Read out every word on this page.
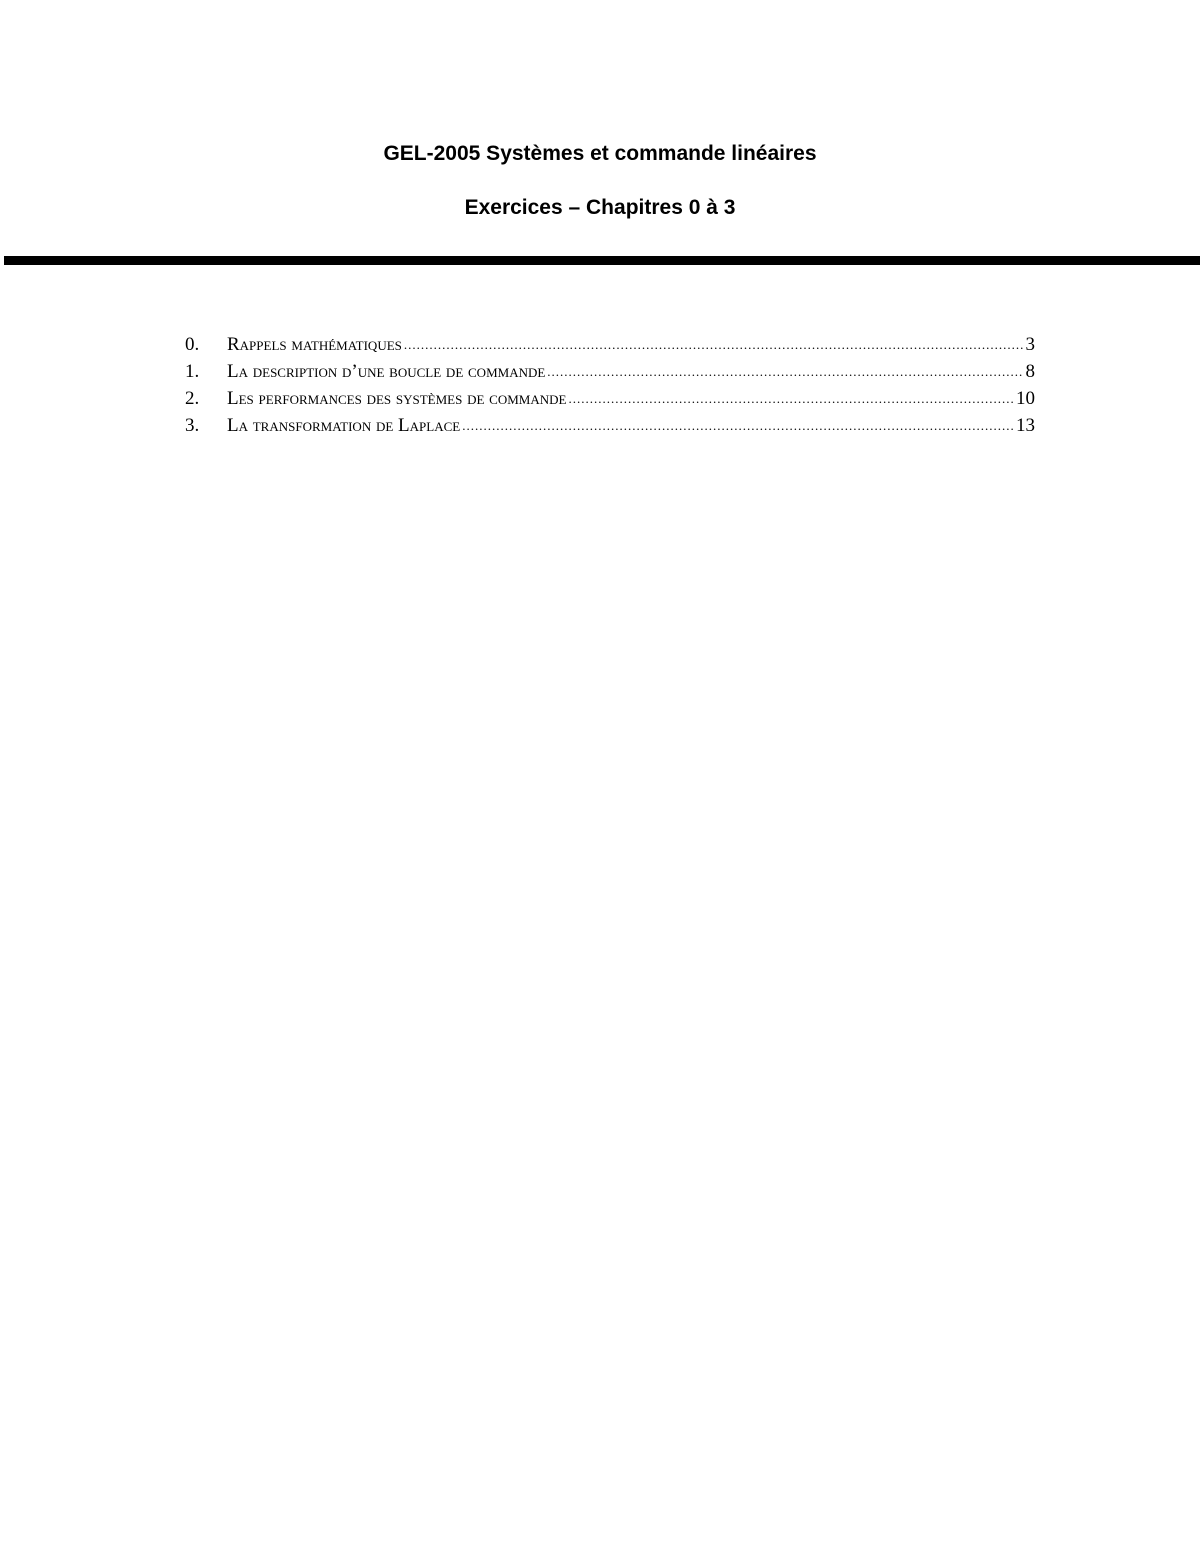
GEL-2005 Systèmes et commande linéaires
Exercices – Chapitres 0 à 3
0.	Rappels mathématiques .....	3
1.	La description d’une boucle de commande .....	8
2.	Les performances des systèmes de commande .....	10
3.	La transformation de Laplace .....	13
